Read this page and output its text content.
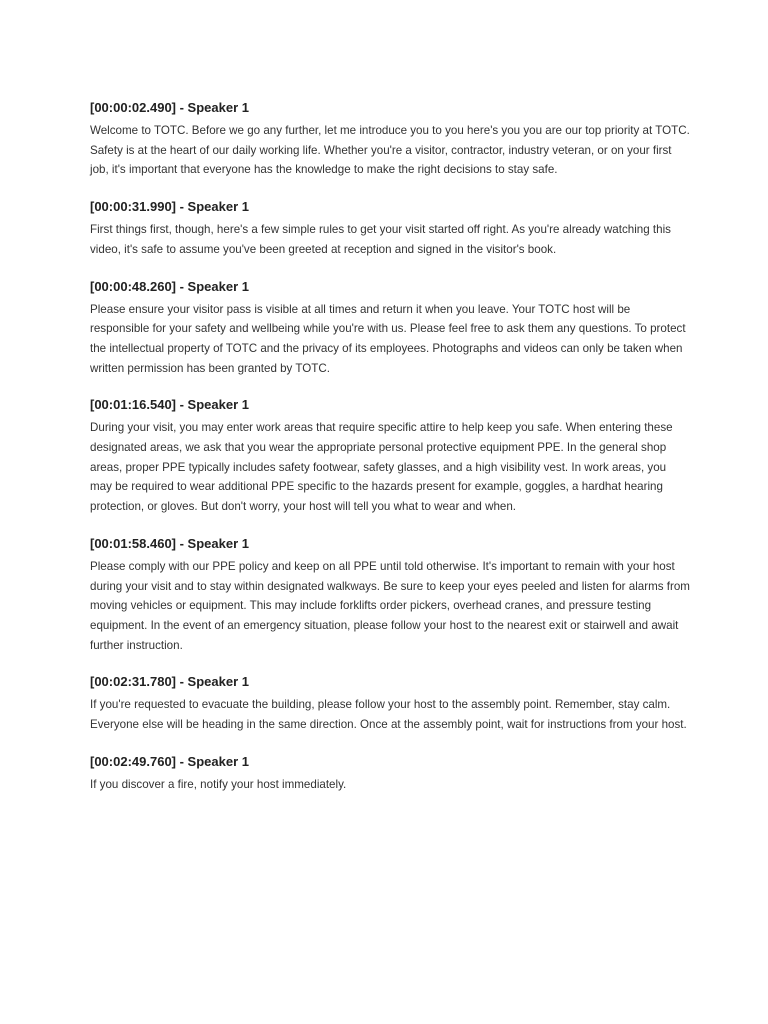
[00:00:02.490] - Speaker 1

Welcome to TOTC. Before we go any further, let me introduce you to you here's you you are our top priority at TOTC. Safety is at the heart of our daily working life. Whether you're a visitor, contractor, industry veteran, or on your first job, it's important that everyone has the knowledge to make the right decisions to stay safe.

[00:00:31.990] - Speaker 1

First things first, though, here's a few simple rules to get your visit started off right. As you're already watching this video, it's safe to assume you've been greeted at reception and signed in the visitor's book.

[00:00:48.260] - Speaker 1

Please ensure your visitor pass is visible at all times and return it when you leave. Your TOTC host will be responsible for your safety and wellbeing while you're with us. Please feel free to ask them any questions. To protect the intellectual property of TOTC and the privacy of its employees. Photographs and videos can only be taken when written permission has been granted by TOTC.

[00:01:16.540] - Speaker 1

During your visit, you may enter work areas that require specific attire to help keep you safe. When entering these designated areas, we ask that you wear the appropriate personal protective equipment PPE. In the general shop areas, proper PPE typically includes safety footwear, safety glasses, and a high visibility vest. In work areas, you may be required to wear additional PPE specific to the hazards present for example, goggles, a hardhat hearing protection, or gloves. But don't worry, your host will tell you what to wear and when.

[00:01:58.460] - Speaker 1

Please comply with our PPE policy and keep on all PPE until told otherwise. It's important to remain with your host during your visit and to stay within designated walkways. Be sure to keep your eyes peeled and listen for alarms from moving vehicles or equipment. This may include forklifts order pickers, overhead cranes, and pressure testing equipment. In the event of an emergency situation, please follow your host to the nearest exit or stairwell and await further instruction.

[00:02:31.780] - Speaker 1

If you're requested to evacuate the building, please follow your host to the assembly point. Remember, stay calm. Everyone else will be heading in the same direction. Once at the assembly point, wait for instructions from your host.

[00:02:49.760] - Speaker 1

If you discover a fire, notify your host immediately.
